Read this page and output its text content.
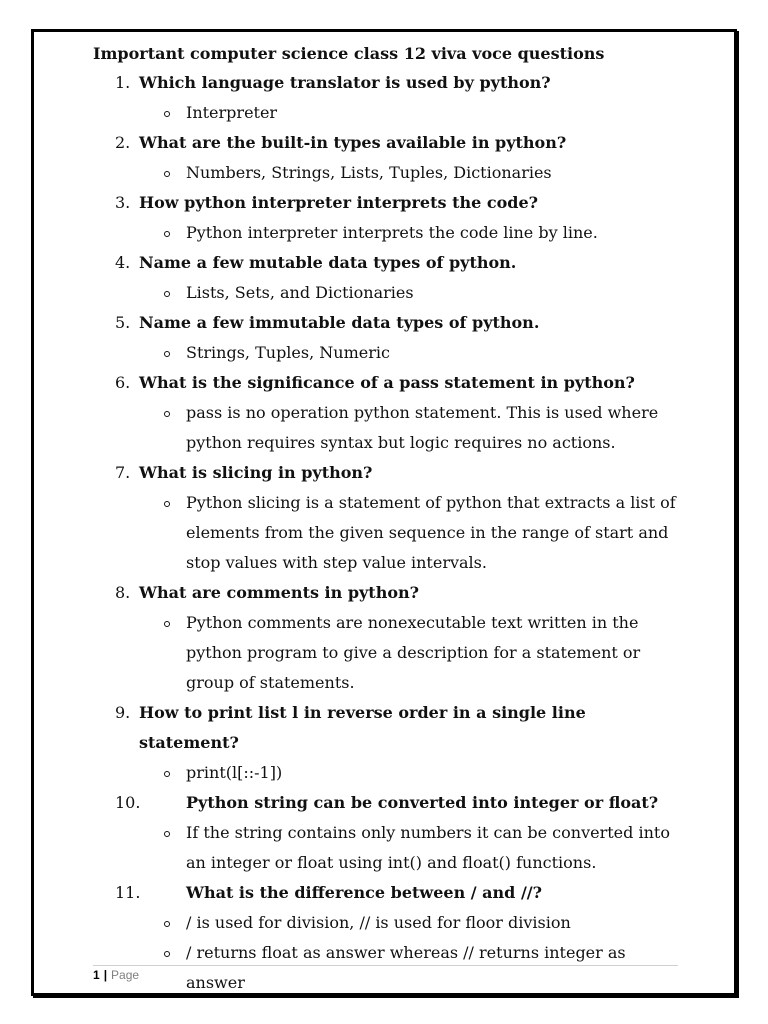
Important computer science class 12 viva voce questions

1. Which language translator is used by python?
Interpreter
2. What are the built-in types available in python?
Numbers, Strings, Lists, Tuples, Dictionaries
3. How python interpreter interprets the code?
Python interpreter interprets the code line by line.
4. Name a few mutable data types of python.
Lists, Sets, and Dictionaries
5. Name a few immutable data types of python.
Strings, Tuples, Numeric
6. What is the significance of a pass statement in python?
pass is no operation python statement. This is used where python requires syntax but logic requires no actions.
7. What is slicing in python?
Python slicing is a statement of python that extracts a list of elements from the given sequence in the range of start and stop values with step value intervals.
8. What are comments in python?
Python comments are nonexecutable text written in the python program to give a description for a statement or group of statements.
9. How to print list l in reverse order in a single line statement?
print(l[::-1])
10.	Python string can be converted into integer or float?
If the string contains only numbers it can be converted into an integer or float using int() and float() functions.
11.	What is the difference between / and //?
/ is used for division, // is used for floor division
/ returns float as answer whereas // returns integer as answer
1 | Page
